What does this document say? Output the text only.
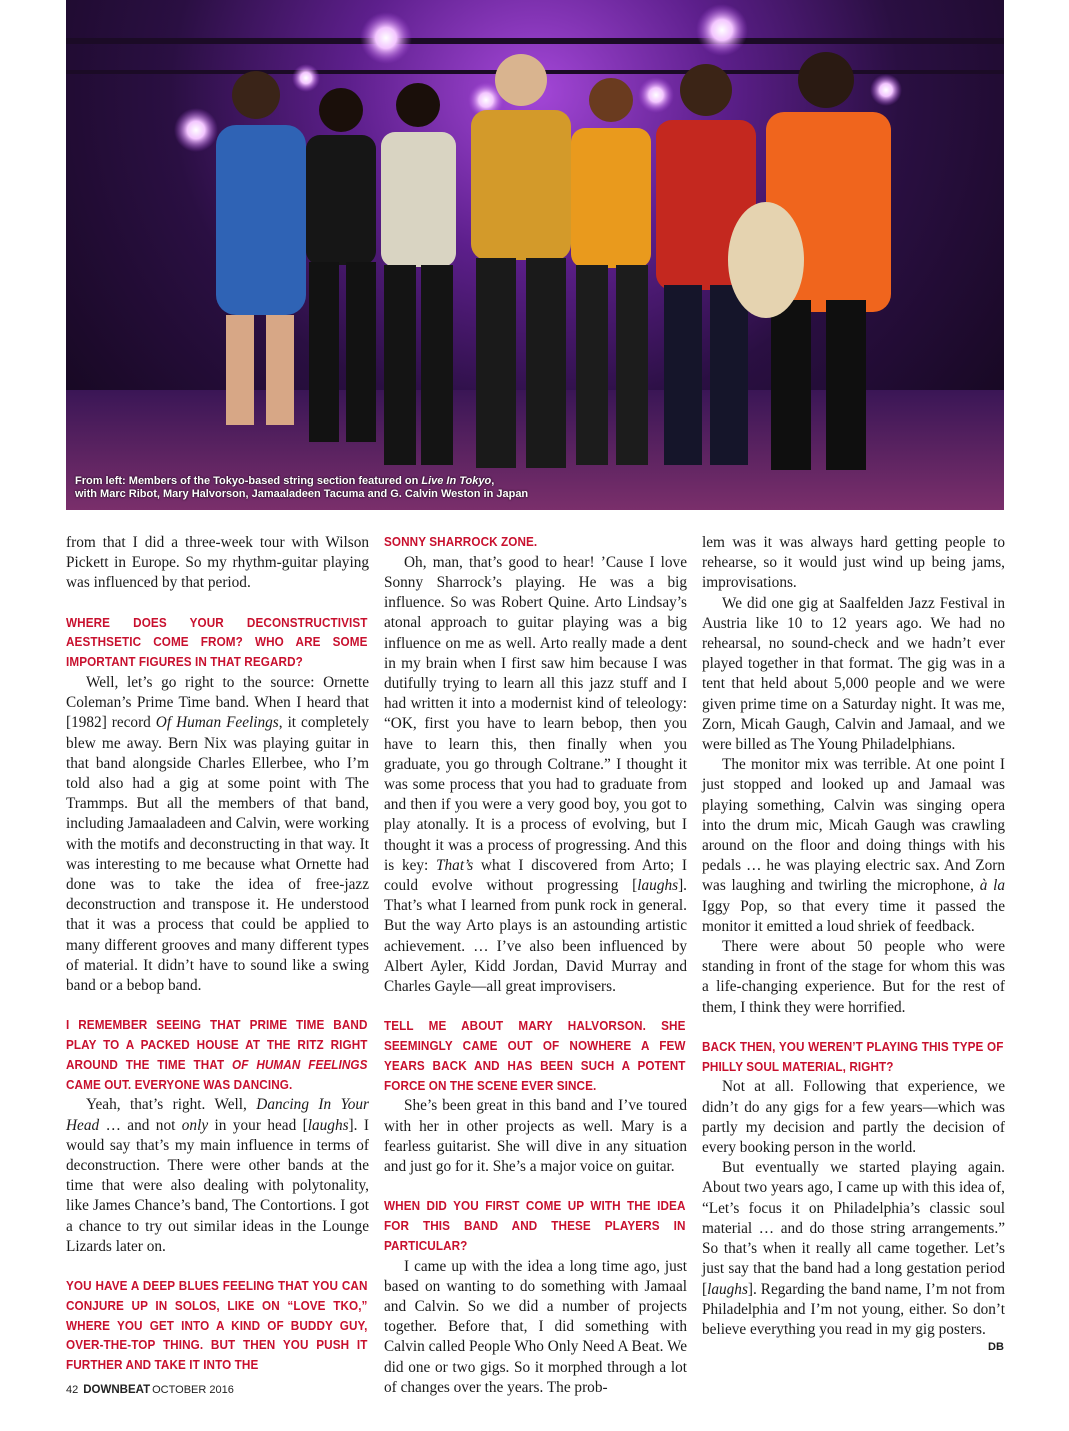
From left: Members of the Tokyo-based string section featured on Live In Tokyo,
with Marc Ribot, Mary Halvorson, Jamaaladeen Tacuma and G. Calvin Weston in Japan

from that I did a three-week tour with Wilson Pickett in Europe. So my rhythm-guitar playing was influenced by that period.

WHERE DOES YOUR DECONSTRUCTIVIST AESTHSETIC COME FROM? WHO ARE SOME IMPORTANT FIGURES IN THAT REGARD?

Well, let’s go right to the source: Ornette Coleman’s Prime Time band. When I heard that [1982] record Of Human Feelings, it completely blew me away. Bern Nix was playing guitar in that band alongside Charles Ellerbee, who I’m told also had a gig at some point with The Trammps. But all the members of that band, including Jamaaladeen and Calvin, were working with the motifs and deconstructing in that way. It was interesting to me because what Ornette had done was to take the idea of free-jazz deconstruction and transpose it. He understood that it was a process that could be applied to many different grooves and many different types of material. It didn’t have to sound like a swing band or a bebop band.

I REMEMBER SEEING THAT PRIME TIME BAND PLAY TO A PACKED HOUSE AT THE RITZ RIGHT AROUND THE TIME THAT OF HUMAN FEELINGS CAME OUT. EVERYONE WAS DANCING.

Yeah, that’s right. Well, Dancing In Your Head … and not only in your head [laughs]. I would say that’s my main influence in terms of deconstruction. There were other bands at the time that were also dealing with polytonality, like James Chance’s band, The Contortions. I got a chance to try out similar ideas in the Lounge Lizards later on.

YOU HAVE A DEEP BLUES FEELING THAT YOU CAN CONJURE UP IN SOLOS, LIKE ON “LOVE TKO,” WHERE YOU GET INTO A KIND OF BUDDY GUY, OVER-THE-TOP THING. BUT THEN YOU PUSH IT FURTHER AND TAKE IT INTO THE
SONNY SHARROCK ZONE.

Oh, man, that’s good to hear! ’Cause I love Sonny Sharrock’s playing. He was a big influence. So was Robert Quine. Arto Lindsay’s atonal approach to guitar playing was a big influence on me as well. Arto really made a dent in my brain when I first saw him because I was dutifully trying to learn all this jazz stuff and I had written it into a modernist kind of teleology: “OK, first you have to learn bebop, then you have to learn this, then finally when you graduate, you go through Coltrane.” I thought it was some process that you had to graduate from and then if you were a very good boy, you got to play atonally. It is a process of evolving, but I thought it was a process of progressing. And this is key: That’s what I discovered from Arto; I could evolve without progressing [laughs]. That’s what I learned from punk rock in general. But the way Arto plays is an astounding artistic achievement. … I’ve also been influenced by Albert Ayler, Kidd Jordan, David Murray and Charles Gayle—all great improvisers.

TELL ME ABOUT MARY HALVORSON. SHE SEEMINGLY CAME OUT OF NOWHERE A FEW YEARS BACK AND HAS BEEN SUCH A POTENT FORCE ON THE SCENE EVER SINCE.

She’s been great in this band and I’ve toured with her in other projects as well. Mary is a fearless guitarist. She will dive in any situation and just go for it. She’s a major voice on guitar.

WHEN DID YOU FIRST COME UP WITH THE IDEA FOR THIS BAND AND THESE PLAYERS IN PARTICULAR?

I came up with the idea a long time ago, just based on wanting to do something with Jamaal and Calvin. So we did a number of projects together. Before that, I did something with Calvin called People Who Only Need A Beat. We did one or two gigs. So it morphed through a lot of changes over the years. The prob-

lem was it was always hard getting people to rehearse, so it would just wind up being jams, improvisations.

We did one gig at Saalfelden Jazz Festival in Austria like 10 to 12 years ago. We had no rehearsal, no sound-check and we hadn’t ever played together in that format. The gig was in a tent that held about 5,000 people and we were given prime time on a Saturday night. It was me, Zorn, Micah Gaugh, Calvin and Jamaal, and we were billed as The Young Philadelphians.

The monitor mix was terrible. At one point I just stopped and looked up and Jamaal was playing something, Calvin was singing opera into the drum mic, Micah Gaugh was crawling around on the floor and doing things with his pedals … he was playing electric sax. And Zorn was laughing and twirling the microphone, à la Iggy Pop, so that every time it passed the monitor it emitted a loud shriek of feedback.

There were about 50 people who were standing in front of the stage for whom this was a life-changing experience. But for the rest of them, I think they were horrified.

BACK THEN, YOU WEREN’T PLAYING THIS TYPE OF PHILLY SOUL MATERIAL, RIGHT?

Not at all. Following that experience, we didn’t do any gigs for a few years—which was partly my decision and partly the decision of every booking person in the world.

But eventually we started playing again. About two years ago, I came up with this idea of, “Let’s focus it on Philadelphia’s classic soul material … and do those string arrangements.” So that’s when it really all came together. Let’s just say that the band had a long gestation period [laughs]. Regarding the band name, I’m not from Philadelphia and I’m not young, either. So don’t believe everything you read in my gig posters.

DB
42 DOWNBEAT OCTOBER 2016
